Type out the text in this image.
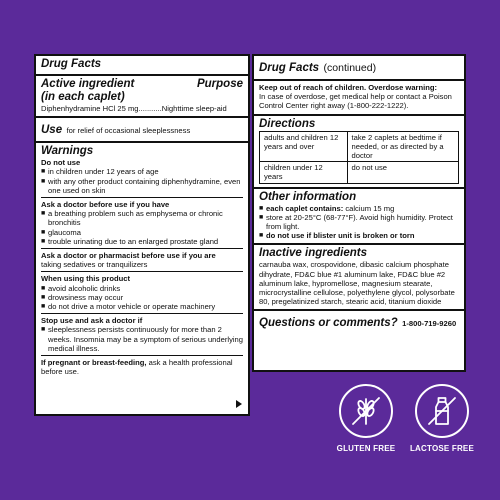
Drug Facts
Active ingredient	Purpose
(in each caplet)
Diphenhydramine HCl 25 mg...........Nighttime sleep-aid
Use for relief of occasional sleeplessness
Warnings
Do not use
■ in children under 12 years of age
■ with any other product containing diphenhydramine, even one used on skin
Ask a doctor before use if you have
■ a breathing problem such as emphysema or chronic bronchitis
■ glaucoma
■ trouble urinating due to an enlarged prostate gland
Ask a doctor or pharmacist before use if you are
taking sedatives or tranquilizers
When using this product
■ avoid alcoholic drinks
■ drowsiness may occur
■ do not drive a motor vehicle or operate machinery
Stop use and ask a doctor if
■ sleeplessness persists continuously for more than 2 weeks. Insomnia may be a symptom of serious underlying medical illness.
If pregnant or breast-feeding, ask a health professional before use.
Drug Facts (continued)
Keep out of reach of children. Overdose warning:
In case of overdose, get medical help or contact a Poison Control Center right away (1-800-222-1222).
Directions
adults and children 12 years and over	take 2 caplets at bedtime if needed, or as directed by a doctor
children under 12 years	do not use
Other information
■ each caplet contains: calcium 15 mg
■ store at 20-25°C (68-77°F). Avoid high humidity. Protect from light.
■ do not use if blister unit is broken or torn
Inactive ingredients
carnauba wax, crospovidone, dibasic calcium phosphate dihydrate, FD&C blue #1 aluminum lake, FD&C blue #2 aluminum lake, hypromellose, magnesium stearate, microcrystalline cellulose, polyethylene glycol, polysorbate 80, pregelatinized starch, stearic acid, titanium dioxide
Questions or comments? 1-800-719-9260
GLUTEN FREE	LACTOSE FREE
